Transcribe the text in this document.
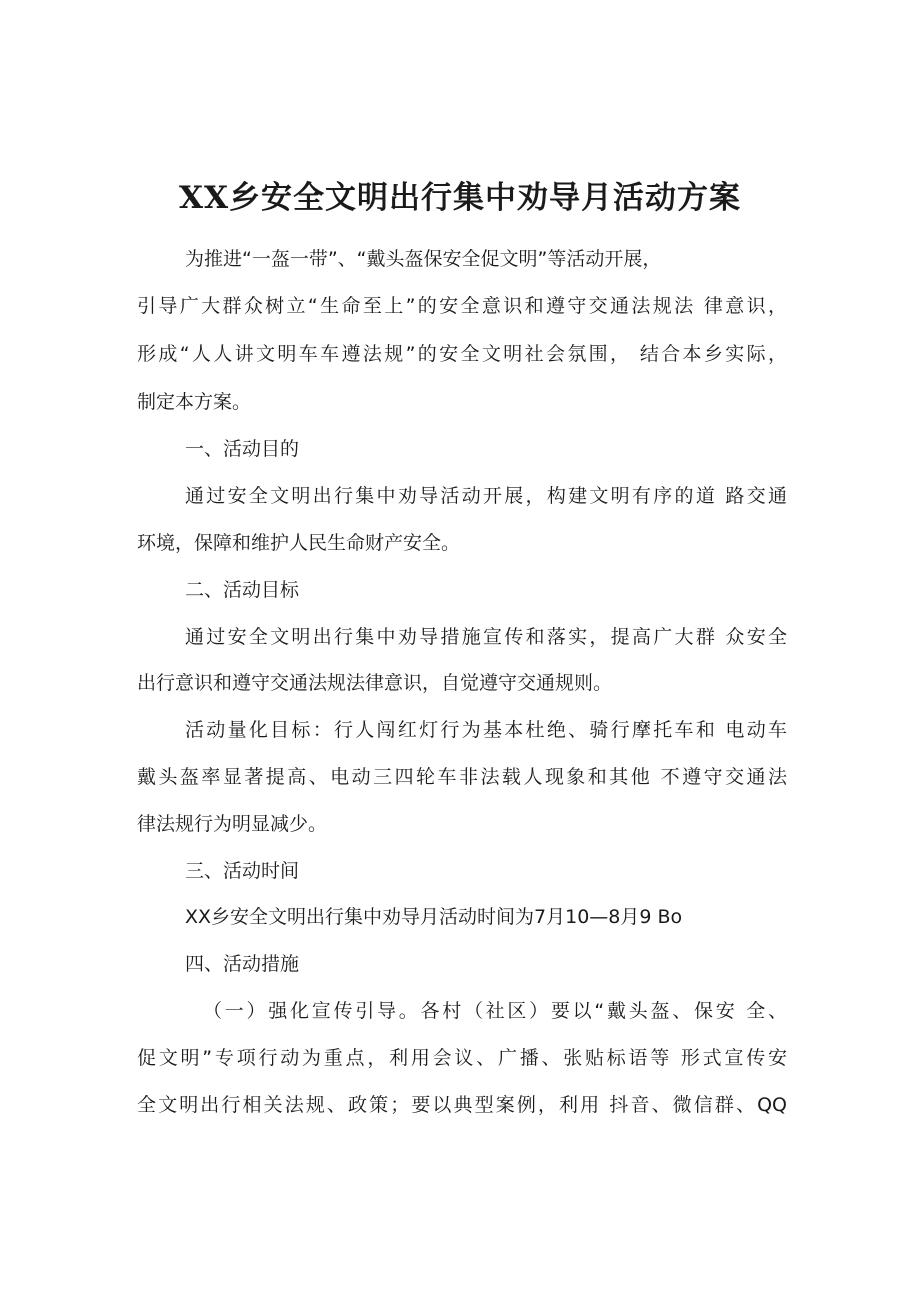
XX乡安全文明出行集中劝导月活动方案
为推进“一盔一带”、“戴头盔保安全促文明”等活动开展，
引导广大群众树立“生命至上”的安全意识和遵守交通法规法 律意识，
形成“人人讲文明车车遵法规”的安全文明社会氛围， 结合本乡实际，
制定本方案。
一、活动目的
通过安全文明出行集中劝导活动开展，构建文明有序的道 路交通
环境，保障和维护人民生命财产安全。
二、活动目标
通过安全文明出行集中劝导措施宣传和落实，提高广大群 众安全
出行意识和遵守交通法规法律意识，自觉遵守交通规则。
活动量化目标：行人闯红灯行为基本杜绝、骑行摩托车和 电动车
戴头盔率显著提高、电动三四轮车非法载人现象和其他 不遵守交通法
律法规行为明显减少。
三、活动时间
XX乡安全文明出行集中劝导月活动时间为7月10—8月9 Bo
四、活动措施
（一）强化宣传引导。各村（社区）要以“戴头盔、保安 全、
促文明”专项行动为重点，利用会议、广播、张贴标语等 形式宣传安
全文明出行相关法规、政策；要以典型案例，利用 抖音、微信群、QQ
